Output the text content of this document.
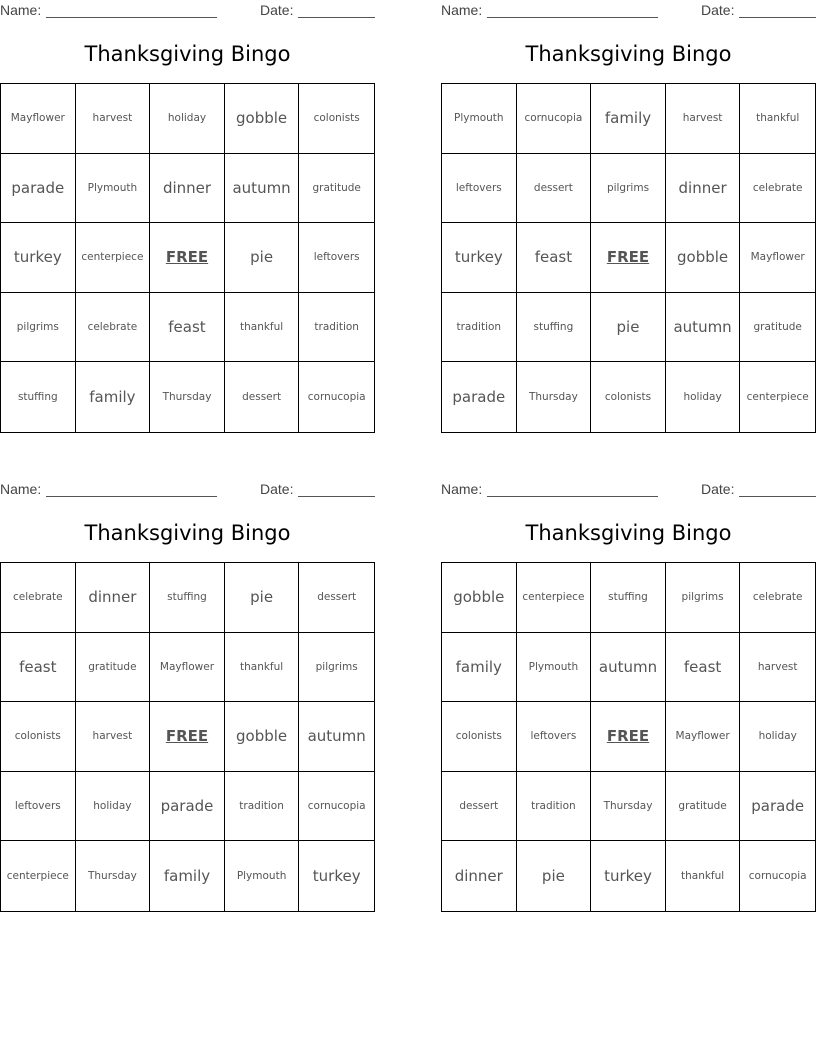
Name:	Date:
Thanksgiving Bingo
Mayflower	harvest	holiday	gobble	colonists
parade	Plymouth	dinner	autumn	gratitude
turkey	centerpiece	FREE	pie	leftovers
pilgrims	celebrate	feast	thankful	tradition
stuffing	family	Thursday	dessert	cornucopia
Name:	Date:
Thanksgiving Bingo
Plymouth	cornucopia	family	harvest	thankful
leftovers	dessert	pilgrims	dinner	celebrate
turkey	feast	FREE	gobble	Mayflower
tradition	stuffing	pie	autumn	gratitude
parade	Thursday	colonists	holiday	centerpiece
Name:	Date:
Thanksgiving Bingo
celebrate	dinner	stuffing	pie	dessert
feast	gratitude	Mayflower	thankful	pilgrims
colonists	harvest	FREE	gobble	autumn
leftovers	holiday	parade	tradition	cornucopia
centerpiece	Thursday	family	Plymouth	turkey
Name:	Date:
Thanksgiving Bingo
gobble	centerpiece	stuffing	pilgrims	celebrate
family	Plymouth	autumn	feast	harvest
colonists	leftovers	FREE	Mayflower	holiday
dessert	tradition	Thursday	gratitude	parade
dinner	pie	turkey	thankful	cornucopia
